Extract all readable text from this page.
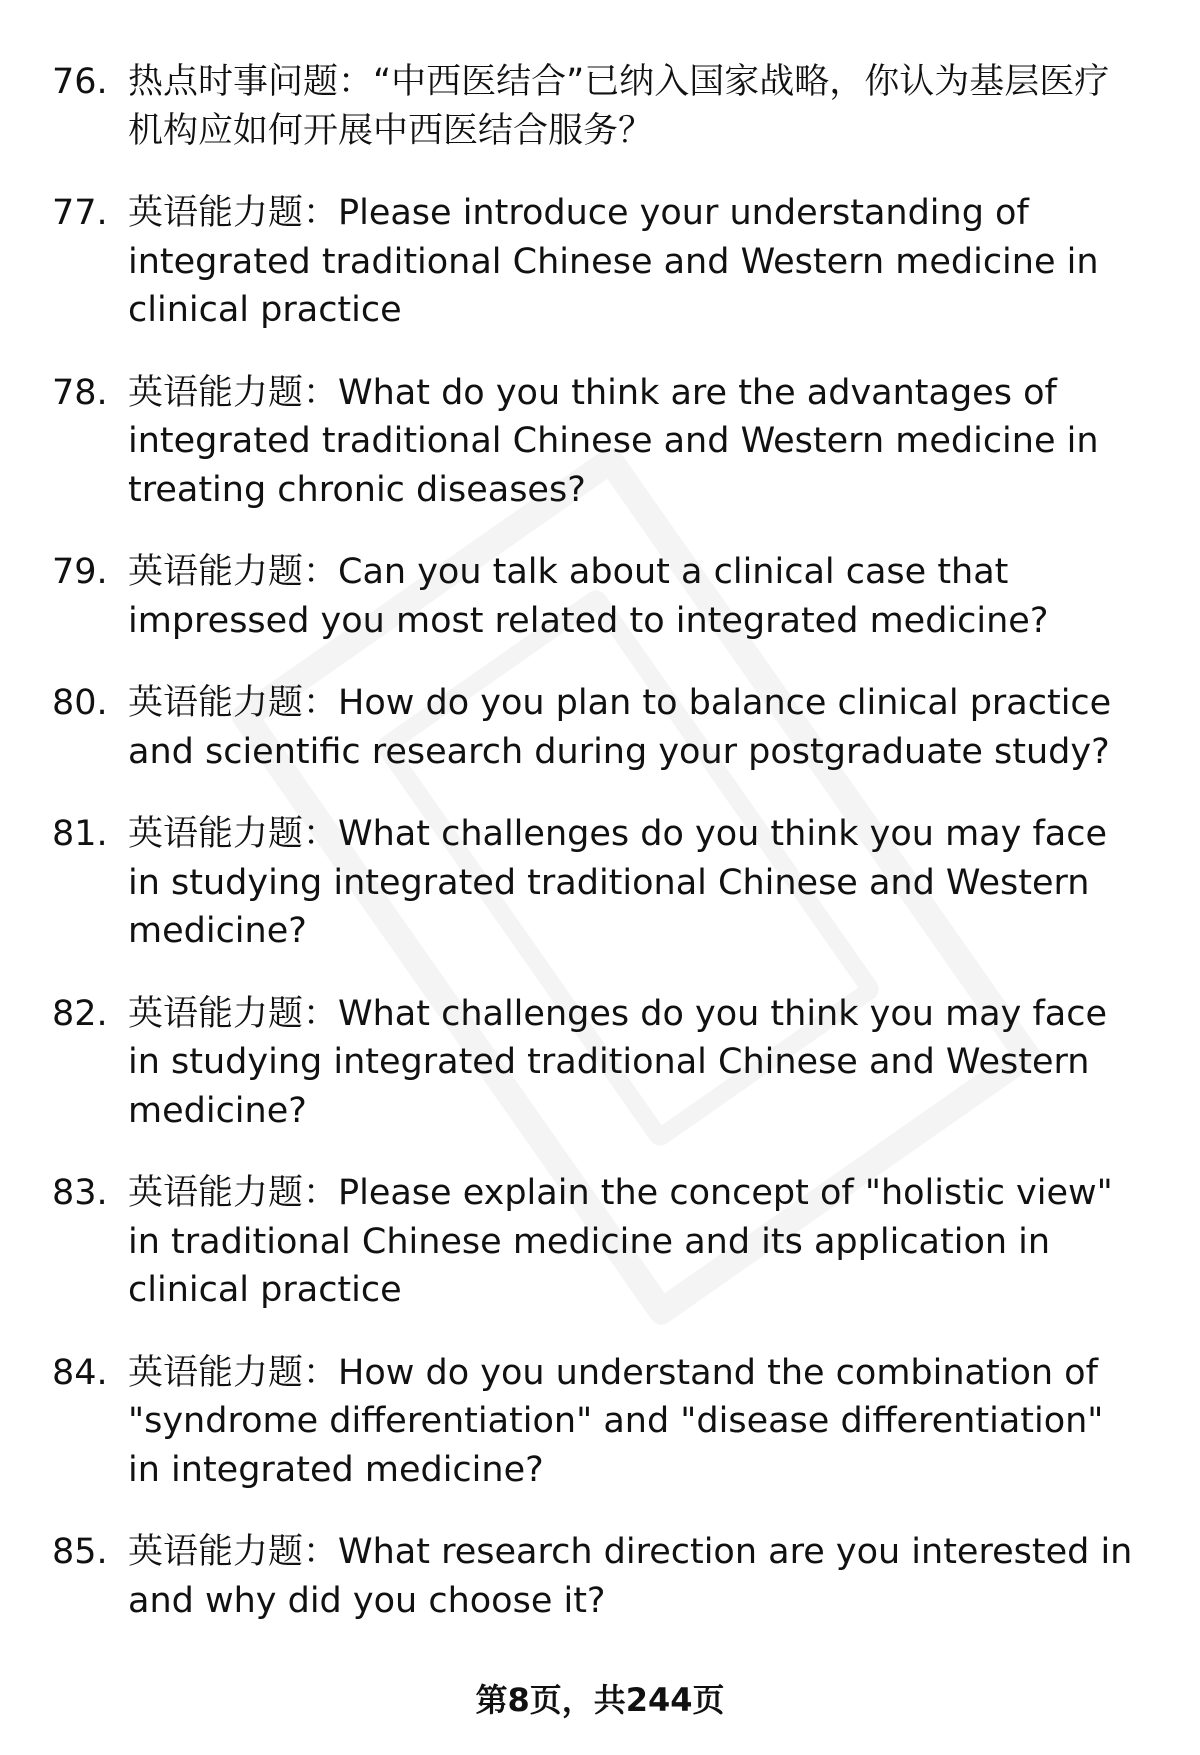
76. 热点时事问题：“中西医结合”已纳入国家战略，你认为基层医疗机构应如何开展中西医结合服务？
77. 英语能力题：Please introduce your understanding of integrated traditional Chinese and Western medicine in clinical practice
78. 英语能力题：What do you think are the advantages of integrated traditional Chinese and Western medicine in treating chronic diseases?
79. 英语能力题：Can you talk about a clinical case that impressed you most related to integrated medicine?
80. 英语能力题：How do you plan to balance clinical practice and scientific research during your postgraduate study?
81. 英语能力题：What challenges do you think you may face in studying integrated traditional Chinese and Western medicine?
82. 英语能力题：What challenges do you think you may face in studying integrated traditional Chinese and Western medicine?
83. 英语能力题：Please explain the concept of "holistic view" in traditional Chinese medicine and its application in clinical practice
84. 英语能力题：How do you understand the combination of "syndrome differentiation" and "disease differentiation" in integrated medicine?
85. 英语能力题：What research direction are you interested in and why did you choose it?
第8页，共244页
